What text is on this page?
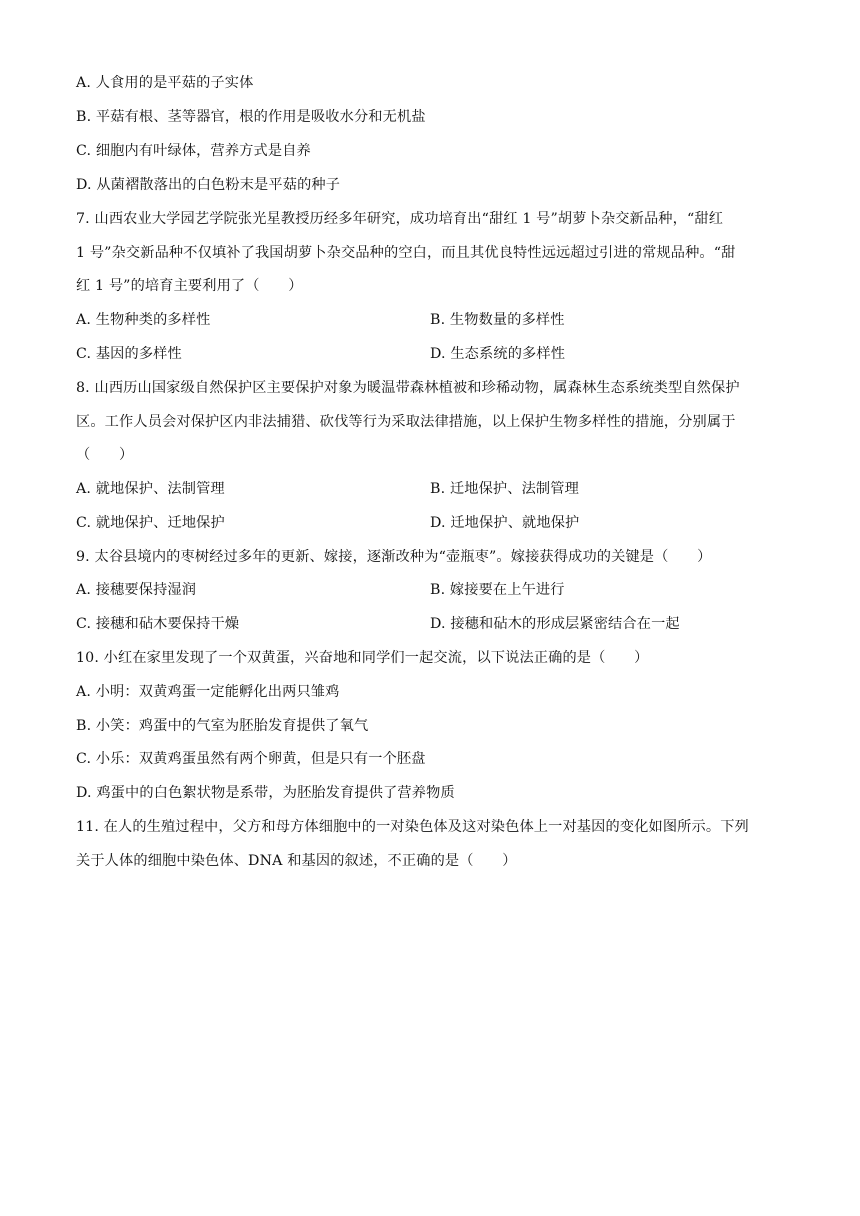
A. 人食用的是平菇的子实体
B. 平菇有根、茎等器官，根的作用是吸收水分和无机盐
C. 细胞内有叶绿体，营养方式是自养
D. 从菌褶散落出的白色粉末是平菇的种子
7. 山西农业大学园艺学院张光星教授历经多年研究，成功培育出“甜红 1 号”胡萝卜杂交新品种，“甜红
1 号”杂交新品种不仅填补了我国胡萝卜杂交品种的空白，而且其优良特性远远超过引进的常规品种。“甜
红 1 号”的培育主要利用了（　　）
A. 生物种类的多样性	B. 生物数量的多样性
C. 基因的多样性	D. 生态系统的多样性
8. 山西历山国家级自然保护区主要保护对象为暖温带森林植被和珍稀动物，属森林生态系统类型自然保护
区。工作人员会对保护区内非法捕猎、砍伐等行为采取法律措施，以上保护生物多样性的措施，分别属于
（　　）
A. 就地保护、法制管理	B. 迁地保护、法制管理
C. 就地保护、迁地保护	D. 迁地保护、就地保护
9. 太谷县境内的枣树经过多年的更新、嫁接，逐渐改种为“壶瓶枣”。嫁接获得成功的关键是（　　）
A. 接穗要保持湿润	B. 嫁接要在上午进行
C. 接穗和砧木要保持干燥	D. 接穗和砧木的形成层紧密结合在一起
10. 小红在家里发现了一个双黄蛋，兴奋地和同学们一起交流，以下说法正确的是（　　）
A. 小明：双黄鸡蛋一定能孵化出两只雏鸡
B. 小笑：鸡蛋中的气室为胚胎发育提供了氧气
C. 小乐：双黄鸡蛋虽然有两个卵黄，但是只有一个胚盘
D. 鸡蛋中的白色絮状物是系带，为胚胎发育提供了营养物质
11. 在人的生殖过程中，父方和母方体细胞中的一对染色体及这对染色体上一对基因的变化如图所示。下列
关于人体的细胞中染色体、DNA 和基因的叙述，不正确的是（　　）
